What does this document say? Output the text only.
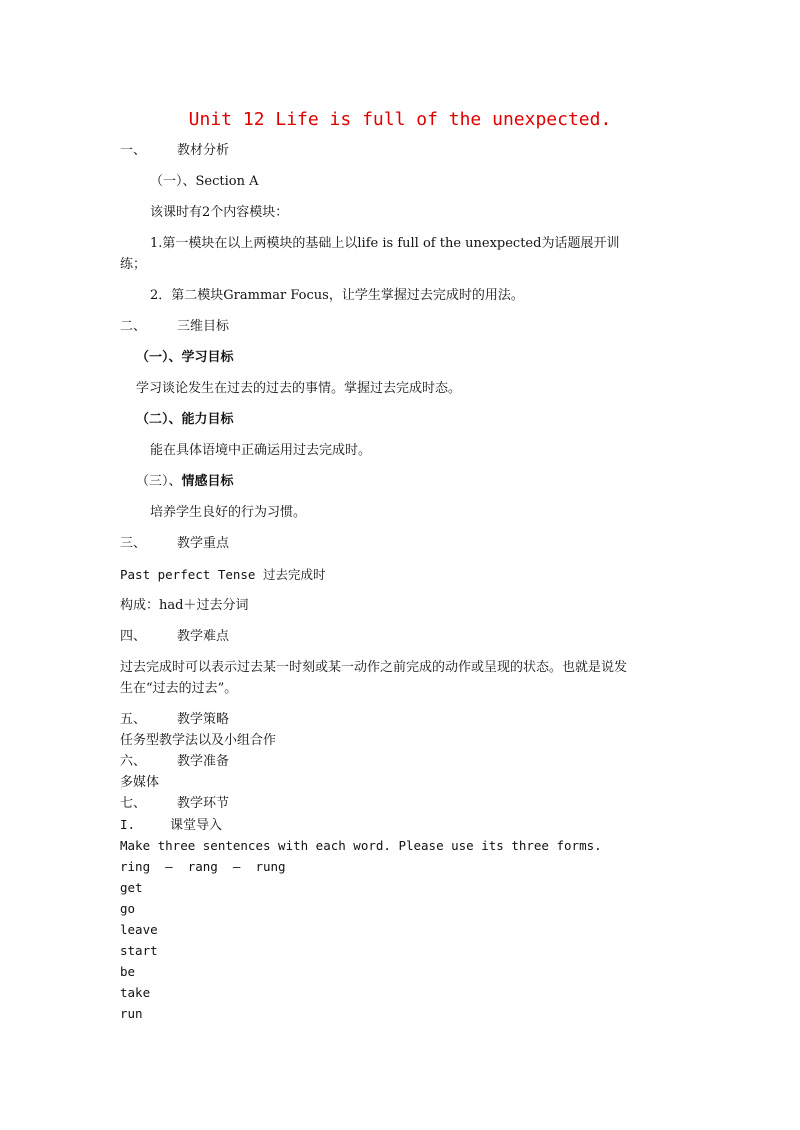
Unit 12 Life is full of the unexpected.
一、 教材分析
（一）、Section A
该课时有2个内容模块：
1.第一模块在以上两模块的基础上以life is full of the unexpected为话题展开训
练；
2．第二模块Grammar Focus，让学生掌握过去完成时的用法。
二、 三维目标
（一）、学习目标
学习谈论发生在过去的过去的事情。掌握过去完成时态。
（二）、能力目标
能在具体语境中正确运用过去完成时。
（三）、情感目标
培养学生良好的行为习惯。
三、 教学重点
Past perfect Tense 过去完成时
构成：had＋过去分词
四、 教学难点
过去完成时可以表示过去某一时刻或某一动作之前完成的动作或呈现的状态。也就是说发
生在“过去的过去”。
五、 教学策略
任务型教学法以及小组合作
六、 教学准备
多媒体
七、 教学环节
I.	课堂导入
Make three sentences with each word. Please use its three forms.
ring  –  rang  –  rung
get
go
leave
start
be
take
run
